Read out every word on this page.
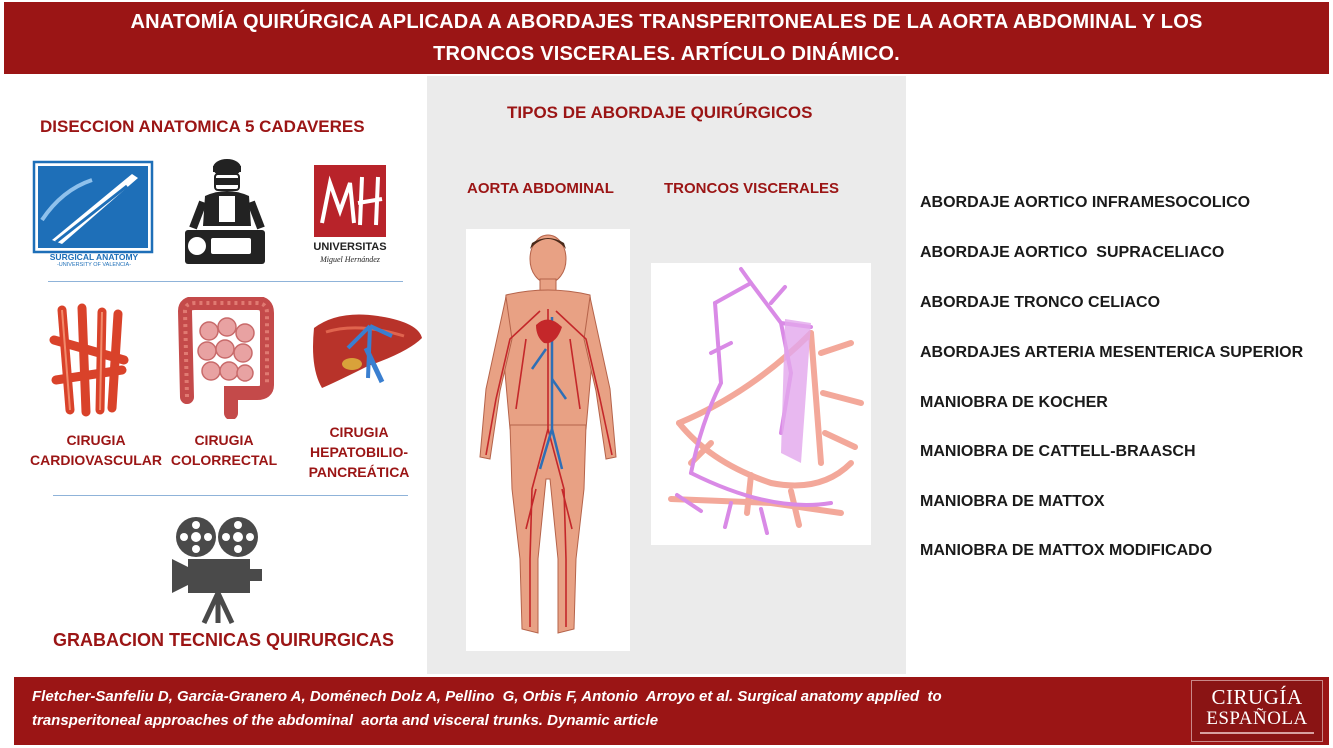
ANATOMÍA QUIRÚRGICA APLICADA A ABORDAJES TRANSPERITONEALES DE LA AORTA ABDOMINAL Y LOS
TRONCOS VISCERALES. ARTÍCULO DINÁMICO.
DISECCION ANATOMICA 5 CADAVERES
SURGICAL ANATOMY
-UNIVERSITY OF VALENCIA-
UNIVERSITAS
Miguel Hernández
CIRUGIA
CARDIOVASCULAR
CIRUGIA
COLORRECTAL
CIRUGIA
HEPATOBILIO-
PANCREÁTICA
GRABACION TECNICAS QUIRURGICAS
TIPOS DE ABORDAJE QUIRÚRGICOS
AORTA ABDOMINAL	TRONCOS VISCERALES
ABORDAJE AORTICO INFRAMESOCOLICO
ABORDAJE AORTICO  SUPRACELIACO
ABORDAJE TRONCO CELIACO
ABORDAJES ARTERIA MESENTERICA SUPERIOR
MANIOBRA DE KOCHER
MANIOBRA DE CATTELL-BRAASCH
MANIOBRA DE MATTOX
MANIOBRA DE MATTOX MODIFICADO
Fletcher-Sanfeliu D, Garcia-Granero A, Doménech Dolz A, Pellino  G, Orbis F, Antonio  Arroyo et al. Surgical anatomy applied  to
transperitoneal approaches of the abdominal  aorta and visceral trunks. Dynamic article
CIRUGÍA
ESPAÑOLA
